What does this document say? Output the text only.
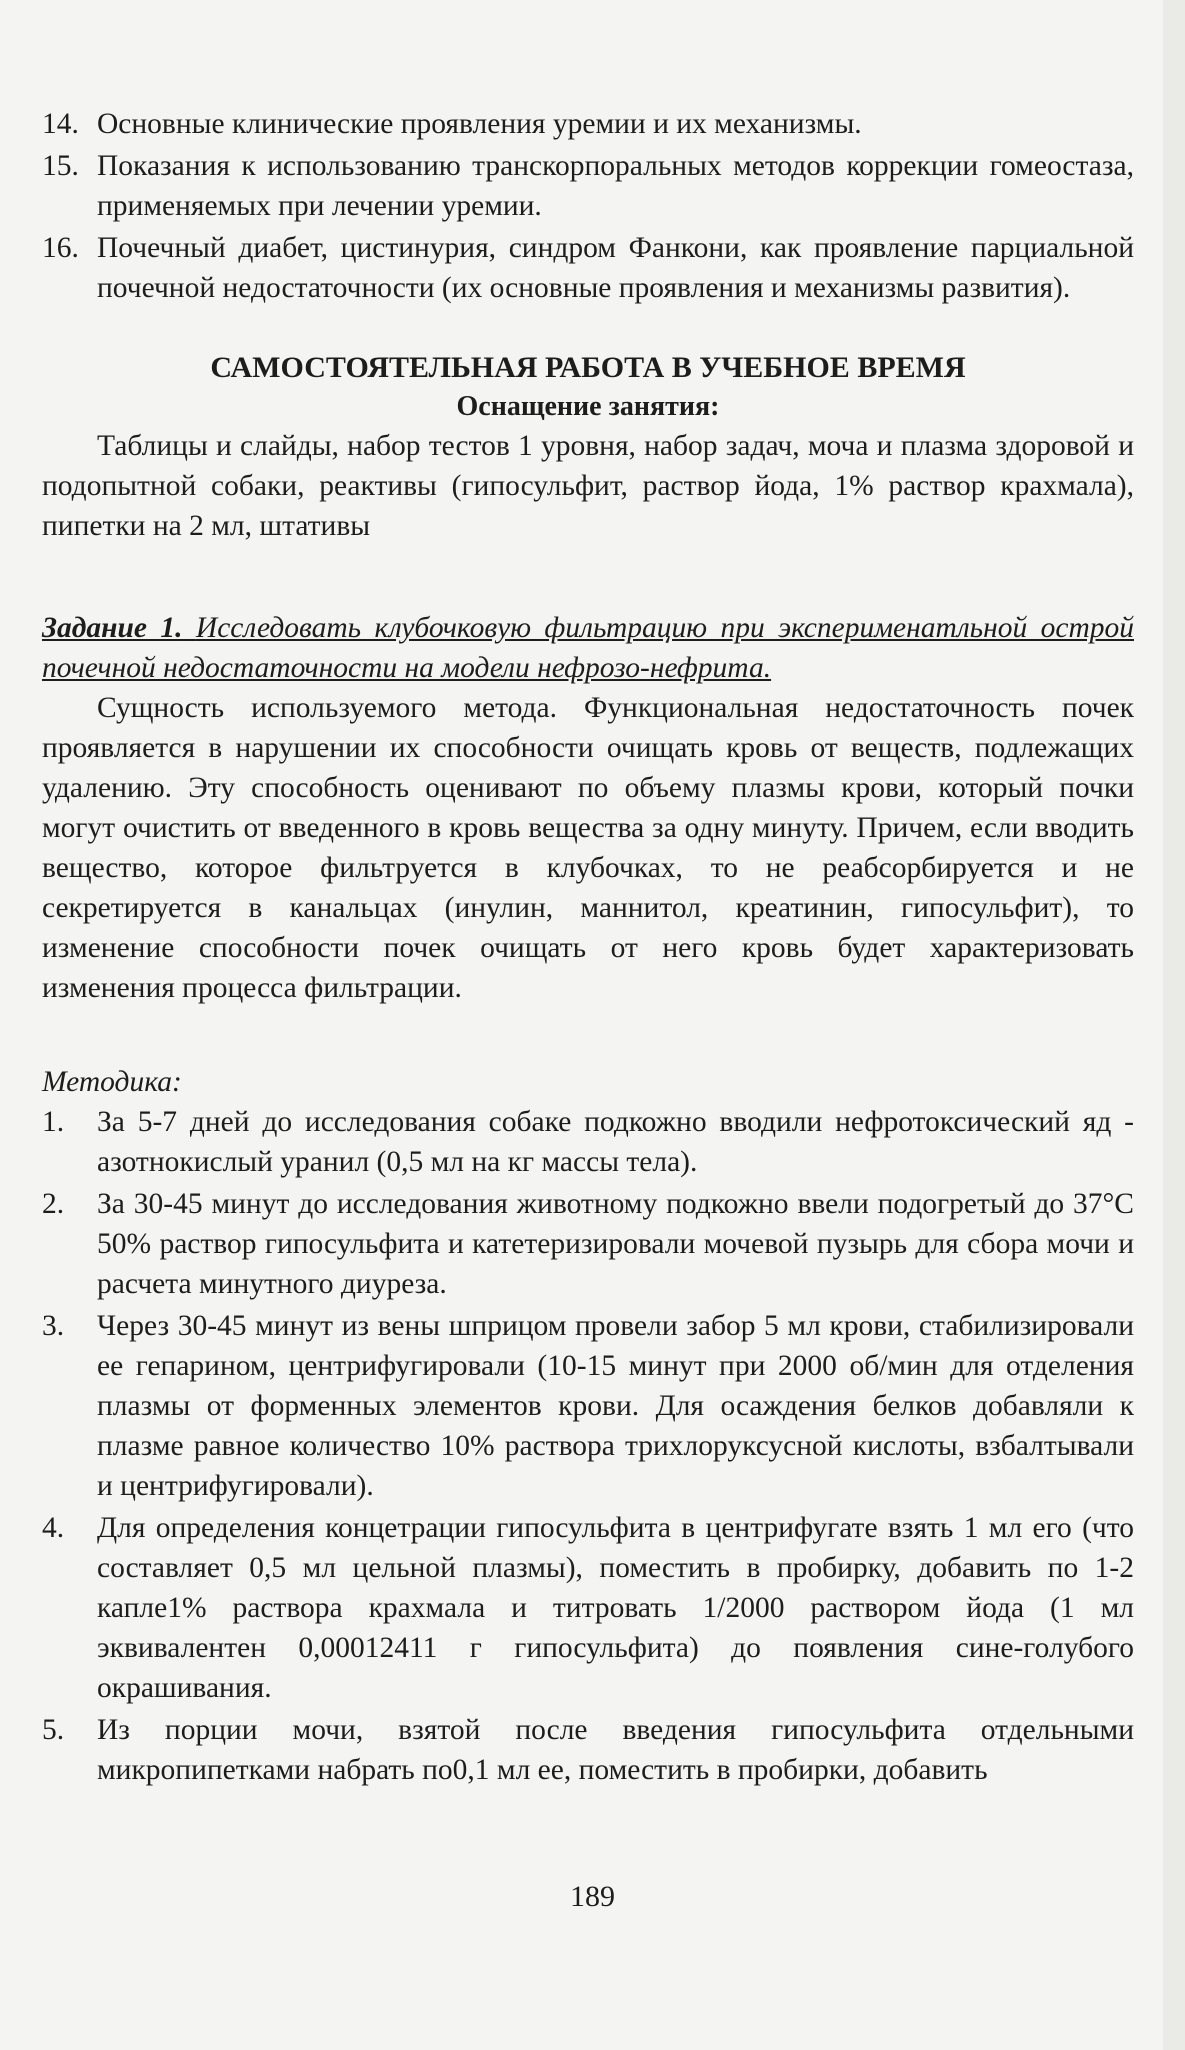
14. Основные клинические проявления уремии и их механизмы.
15. Показания к использованию транскорпоральных методов коррекции гомеостаза, применяемых при лечении уремии.
16. Почечный диабет, цистинурия, синдром Фанкони, как проявление парциальной почечной недостаточности (их основные проявления и механизмы развития).
САМОСТОЯТЕЛЬНАЯ РАБОТА В УЧЕБНОЕ ВРЕМЯ
Оснащение занятия:

Таблицы и слайды, набор тестов 1 уровня, набор задач, моча и плазма здоровой и подопытной собаки, реактивы (гипосульфит, раствор йода, 1% раствор крахмала), пипетки на 2 мл, штативы

Задание 1. Исследовать клубочковую фильтрацию при эксперименатльной острой почечной недостаточности на модели нефрозо-нефрита.

Сущность используемого метода. Функциональная недостаточность почек проявляется в нарушении их способности очищать кровь от веществ, подлежащих удалению. Эту способность оценивают по объему плазмы крови, который почки могут очистить от введенного в кровь вещества за одну минуту. Причем, если вводить вещество, которое фильтруется в клубочках, то не реабсорбируется и не секретируется в канальцах (инулин, маннитол, креатинин, гипосульфит), то изменение способности почек очищать от него кровь будет характеризовать изменения процесса фильтрации.

Методика:
1.	За 5-7 дней до исследования собаке подкожно вводили нефротоксический яд - азотнокислый уранил (0,5 мл на кг массы тела).
2.	За 30-45 минут до исследования животному подкожно ввели подогретый до 37°С 50% раствор гипосульфита и катетеризировали мочевой пузырь для сбора мочи и расчета минутного диуреза.
3.	Через 30-45 минут из вены шприцом провели забор 5 мл крови, стабилизировали ее гепарином, центрифугировали (10-15 минут при 2000 об/мин для отделения плазмы от форменных элементов крови. Для осаждения белков добавляли к плазме равное количество 10% раствора трихлоруксусной кислоты, взбалтывали и центрифугировали).
4.	Для определения концетрации гипосульфита в центрифугате взять 1 мл его (что составляет 0,5 мл цельной плазмы), поместить в пробирку, добавить по 1-2 капле1% раствора крахмала и титровать 1/2000 раствором йода (1 мл эквивалентен 0,00012411 г гипосульфита) до появления сине-голубого окрашивания.
5.	Из порции мочи, взятой после введения гипосульфита отдельными микропипетками набрать по0,1 мл ее, поместить в пробирки, добавить
189
